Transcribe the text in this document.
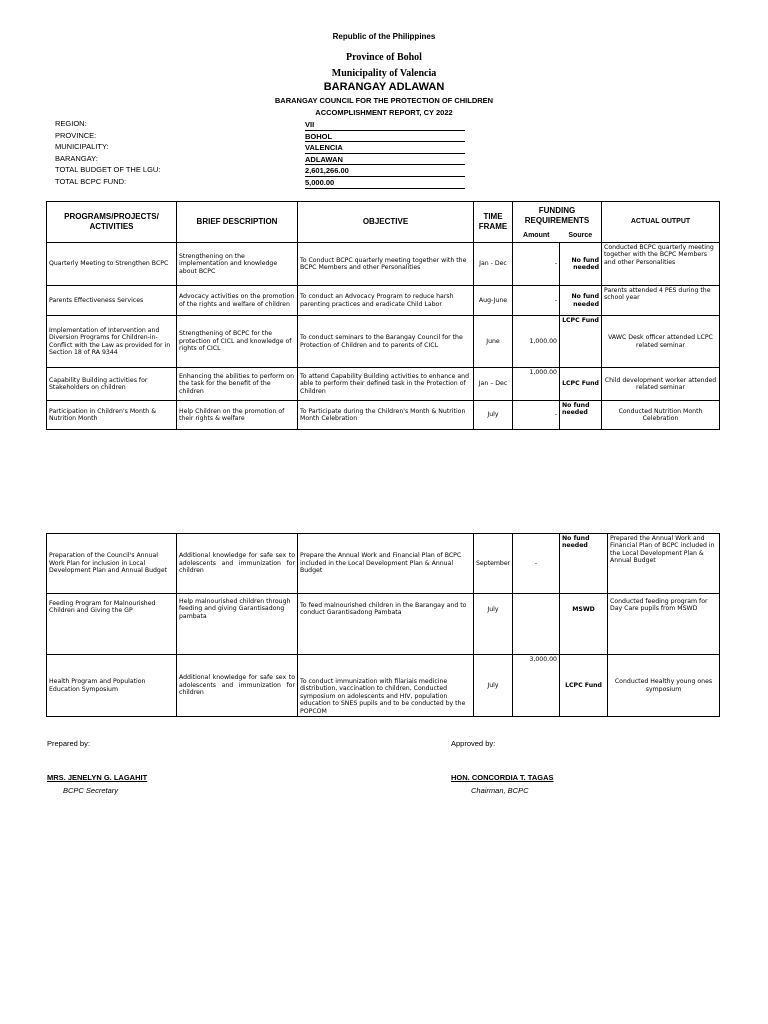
Republic of the Philippines
Province of Bohol
Municipality of Valencia
BARANGAY ADLAWAN
BARANGAY COUNCIL FOR THE PROTECTION OF CHILDREN
ACCOMPLISHMENT REPORT, CY 2022
REGION:	VII
PROVINCE:	BOHOL
MUNICIPALITY:	VALENCIA
BARANGAY:	ADLAWAN
TOTAL BUDGET OF THE LGU:	2,601,266.00
TOTAL BCPC FUND:	5,000.00
PROGRAMS/PROJECTS/ ACTIVITIES	BRIEF DESCRIPTION	OBJECTIVE	TIME FRAME	FUNDING REQUIREMENTS		ACTUAL OUTPUT
				Amount	Source	
Quarterly Meeting to Strengthen BCPC	Strengthening on the implementation and knowledge about BCPC	To Conduct BCPC quarterly meeting together with the BCPC Members and other Personalities	Jan - Dec	-	No fund needed	Conducted BCPC quarterly meeting together with the BCPC Members and other Personalities
Parents Effectiveness Services	Advocacy activities on the promotion of the rights and welfare of children	To conduct an Advocacy Program to reduce harsh parenting practices and eradicate Child Labor	Aug-June	-	No fund needed	Parents attended 4 PES during the school year
Implementation of Intervention and Diversion Programs for Children-in-Conflict with the Law as provided for in Section 18 of RA 9344	Strengthening of BCPC for the protection of CICL and knowledge of rights of CICL	To conduct seminars to the Barangay Council for the Protection of Children and to parents of CICL	June	1,000.00	LCPC Fund	VAWC Desk officer attended LCPC related seminar
Capability Building activities for Stakeholders on children	Enhancing the abilities to perform on the task for the benefit of the children	To attend Capability Building activities to enhance and able to perform their defined task in the Protection of Children	Jan – Dec	1,000.00	LCPC Fund	Child development worker attended related seminar
Participation in Children's Month & Nutrition Month	Help Children on the promotion of their rights & welfare	To Participate during the Children's Month & Nutrition Month Celebration	July	-	No fund needed	Conducted Nutrition Month Celebration
Preparation of the Council's Annual Work Plan for inclusion in Local Development Plan and Annual Budget	Additional knowledge for safe sex to adolescents and immunization for children	Prepare the Annual Work and Financial Plan of BCPC included in the Local Development Plan & Annual Budget	September	-	No fund needed	Prepared the Annual Work and Financial Plan of BCPC included in the Local Development Plan & Annual Budget
Feeding Program for Malnourished Children and Giving the GP	Help malnourished children through feeding and giving Garantisadong pambata	To feed malnourished children in the Barangay and to conduct Garantisadong Pambata	July		MSWD	Conducted feeding program for Day Care pupils from MSWD
Health Program and Population Education Symposium	Additional knowledge for safe sex to adolescents and immunization for children	To conduct immunization with filariais medicine distribution, vaccination to children, Conducted symposium on adolescents and HIV, population education to SNES pupils and to be conducted by the POPCOM	July	3,000.00	LCPC Fund	Conducted Healthy young ones symposium
Prepared by:	Approved by:
MRS. JENELYN G. LAGAHIT
BCPC Secretary
HON. CONCORDIA T. TAGAS
Chairman, BCPC
